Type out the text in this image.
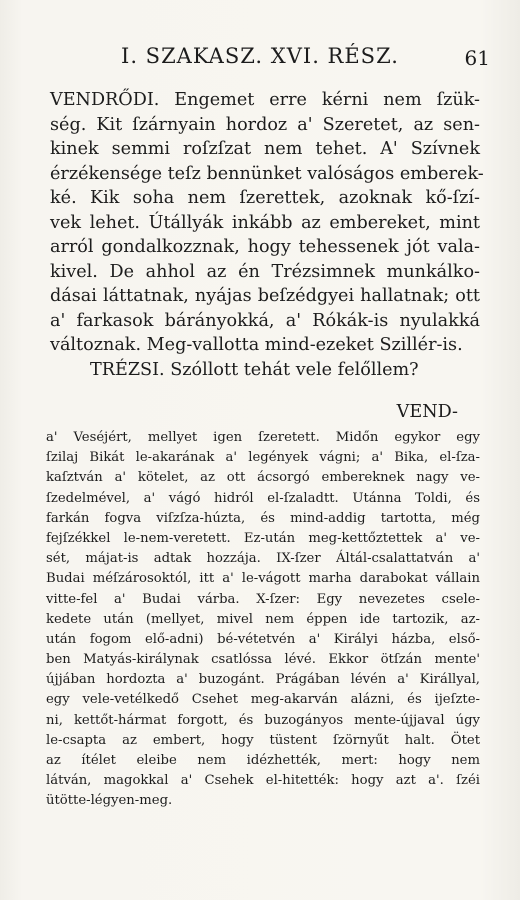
I. SZAKASZ. XVI. RÉSZ.	61
VENDRŐDI. Engemet erre kérni nem ſzük-
ség. Kit ſzárnyain hordoz a' Szeretet, az sen-
kinek semmi roſzſzat nem tehet. A' Szívnek
érzékensége teſz bennünket valóságos emberek-
ké. Kik soha nem ſzerettek, azoknak kő-ſzí-
vek lehet. Útállyák inkább az embereket, mint
arról gondalkozznak, hogy tehessenek jót vala-
kivel. De ahhol az én Trézsimnek munkálko-
dásai láttatnak, nyájas beſzédgyei hallatnak; ott
a' farkasok bárányokká, a' Rókák-is nyulakká
változnak. Meg-vallotta mind-ezeket Szillér-is.
TRÉZSI. Szóllott tehát vele felőllem?
VEND-
a' Veséjért, mellyet igen ſzeretett. Midőn egykor egy
ſzilaj Bikát le-akarának a' legények vágni; a' Bika, el-ſza-
kaſztván a' kötelet, az ott ácsorgó embereknek nagy ve-
ſzedelmével, a' vágó hidról el-ſzaladtt. Utánna Toldi, és
farkán fogva viſzſza-húzta, és mind-addig tartotta, még
fejſzékkel le-nem-veretett. Ez-után meg-kettőztettek a' ve-
sét, májat-is adtak hozzája. IX-ſzer Áltál-csalattatván a'
Budai méſzárosoktól, itt a' le-vágott marha darabokat vállain
vitte-fel a' Budai várba. X-ſzer: Egy nevezetes csele-
kedete után (mellyet, mivel nem éppen ide tartozik, az-
után fogom elő-adni) bé-vétetvén a' Királyi házba, első-
ben Matyás-királynak csatlóssa lévé. Ekkor ötſzán mente'
újjában hordozta a' buzogánt. Prágában lévén a' Királlyal,
egy vele-vetélkedő Csehet meg-akarván alázni, és ijeſzte-
ni, kettőt-hármat forgott, és buzogányos mente-újjaval úgy
le-csapta az embert, hogy tüstent ſzörnyűt halt. Ötet
az ítélet eleibe nem idézhették, mert: hogy nem
látván, magokkal a' Csehek el-hitették: hogy azt a'. ſzéi
ütötte-légyen-meg.
